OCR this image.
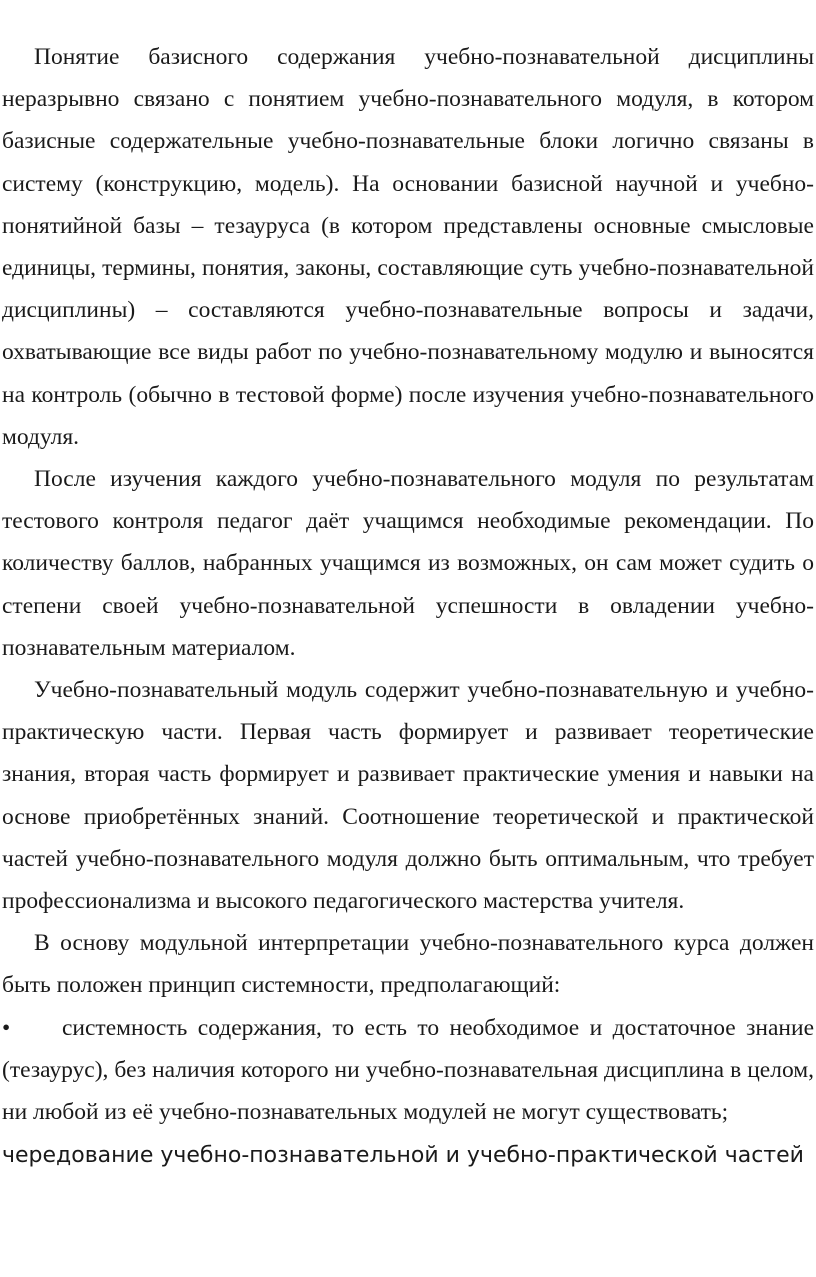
Понятие базисного содержания учебно-познавательной дисциплины неразрывно связано с понятием учебно-познавательного модуля, в котором базисные содержательные учебно-познавательные блоки логично связаны в систему (конструкцию, модель). На основании базисной научной и учебно-понятийной базы – тезауруса (в котором представлены основные смысловые единицы, термины, понятия, законы, составляющие суть учебно-познавательной дисциплины) – составляются учебно-познавательные вопросы и задачи, охватывающие все виды работ по учебно-познавательному модулю и выносятся на контроль (обычно в тестовой форме) после изучения учебно-познавательного модуля.

После изучения каждого учебно-познавательного модуля по результатам тестового контроля педагог даёт учащимся необходимые рекомендации. По количеству баллов, набранных учащимся из возможных, он сам может судить о степени своей учебно-познавательной успешности в овладении учебно-познавательным материалом.

Учебно-познавательный модуль содержит учебно-познавательную и учебно-практическую части. Первая часть формирует и развивает теоретические знания, вторая часть формирует и развивает практические умения и навыки на основе приобретённых знаний. Соотношение теоретической и практической частей учебно-познавательного модуля должно быть оптимальным, что требует профессионализма и высокого педагогического мастерства учителя.

В основу модульной интерпретации учебно-познавательного курса должен быть положен принцип системности, предполагающий:

• системность содержания, то есть то необходимое и достаточное знание (тезаурус), без наличия которого ни учебно-познавательная дисциплина в целом, ни любой из её учебно-познавательных модулей не могут существовать;

чередование учебно-познавательной и учебно-практической частей
